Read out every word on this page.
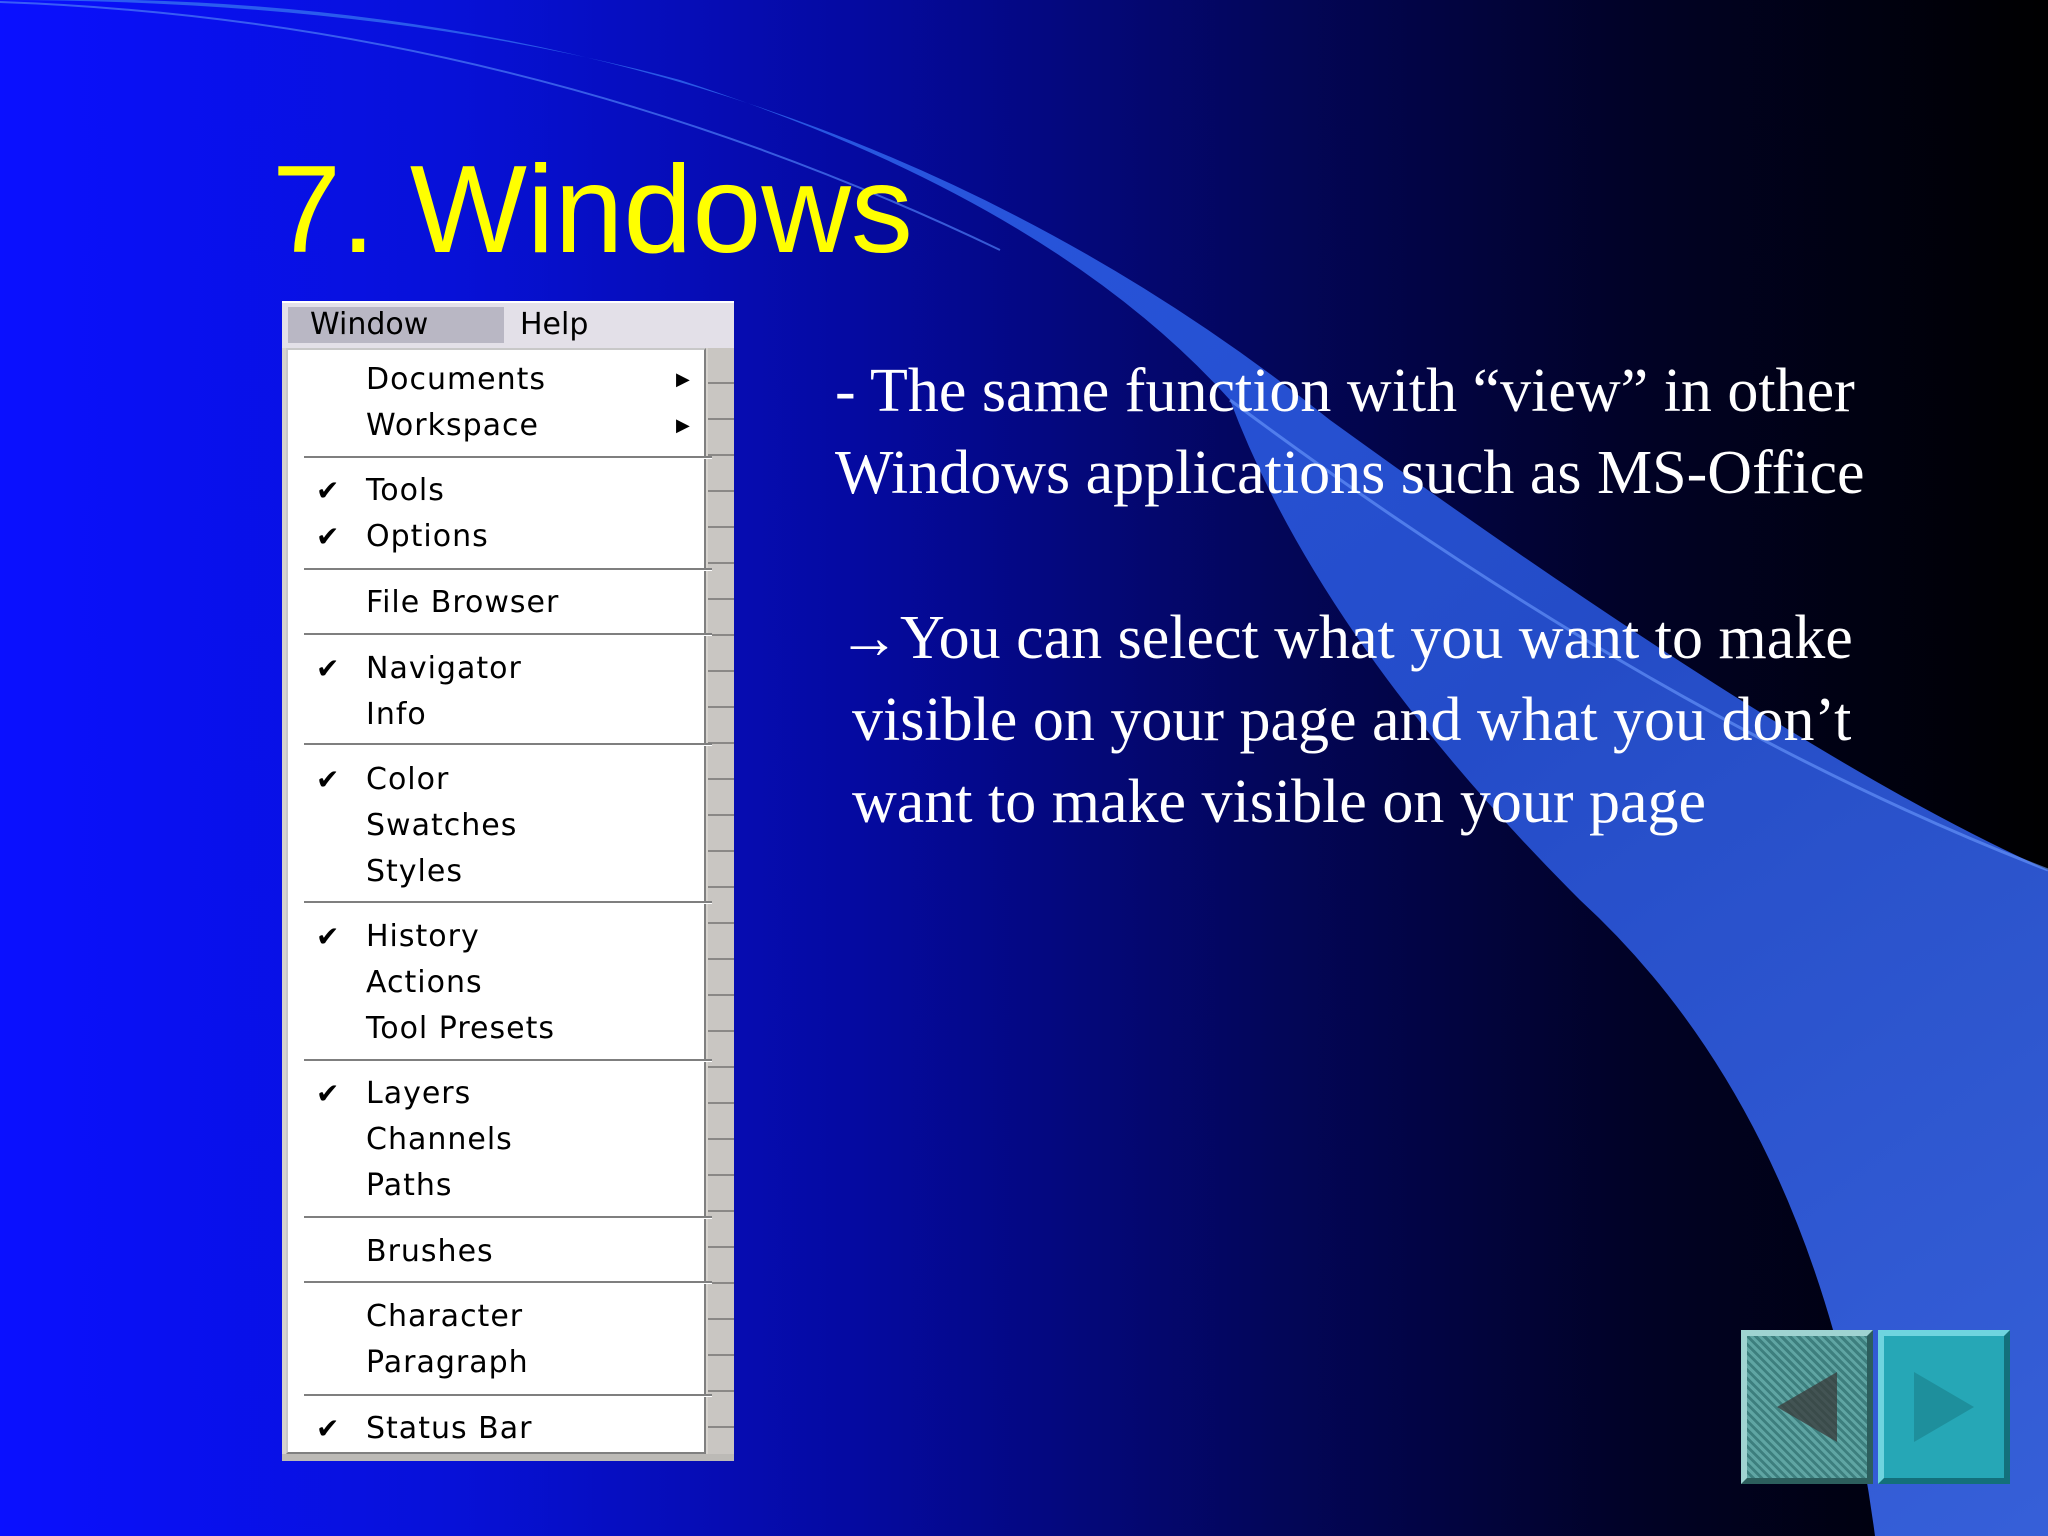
7. Windows
Window	Help
Documents	▶
Workspace	▶
✔ Tools
✔ Options
File Browser
✔ Navigator
Info
✔ Color
Swatches
Styles
✔ History
Actions
Tool Presets
✔ Layers
Channels
Paths
Brushes
Character
Paragraph
✔ Status Bar
- The same function with “view” in other
Windows applications such as MS-Office
→You can select what you want to make
visible on your page and what you don’t
want to make visible on your page
